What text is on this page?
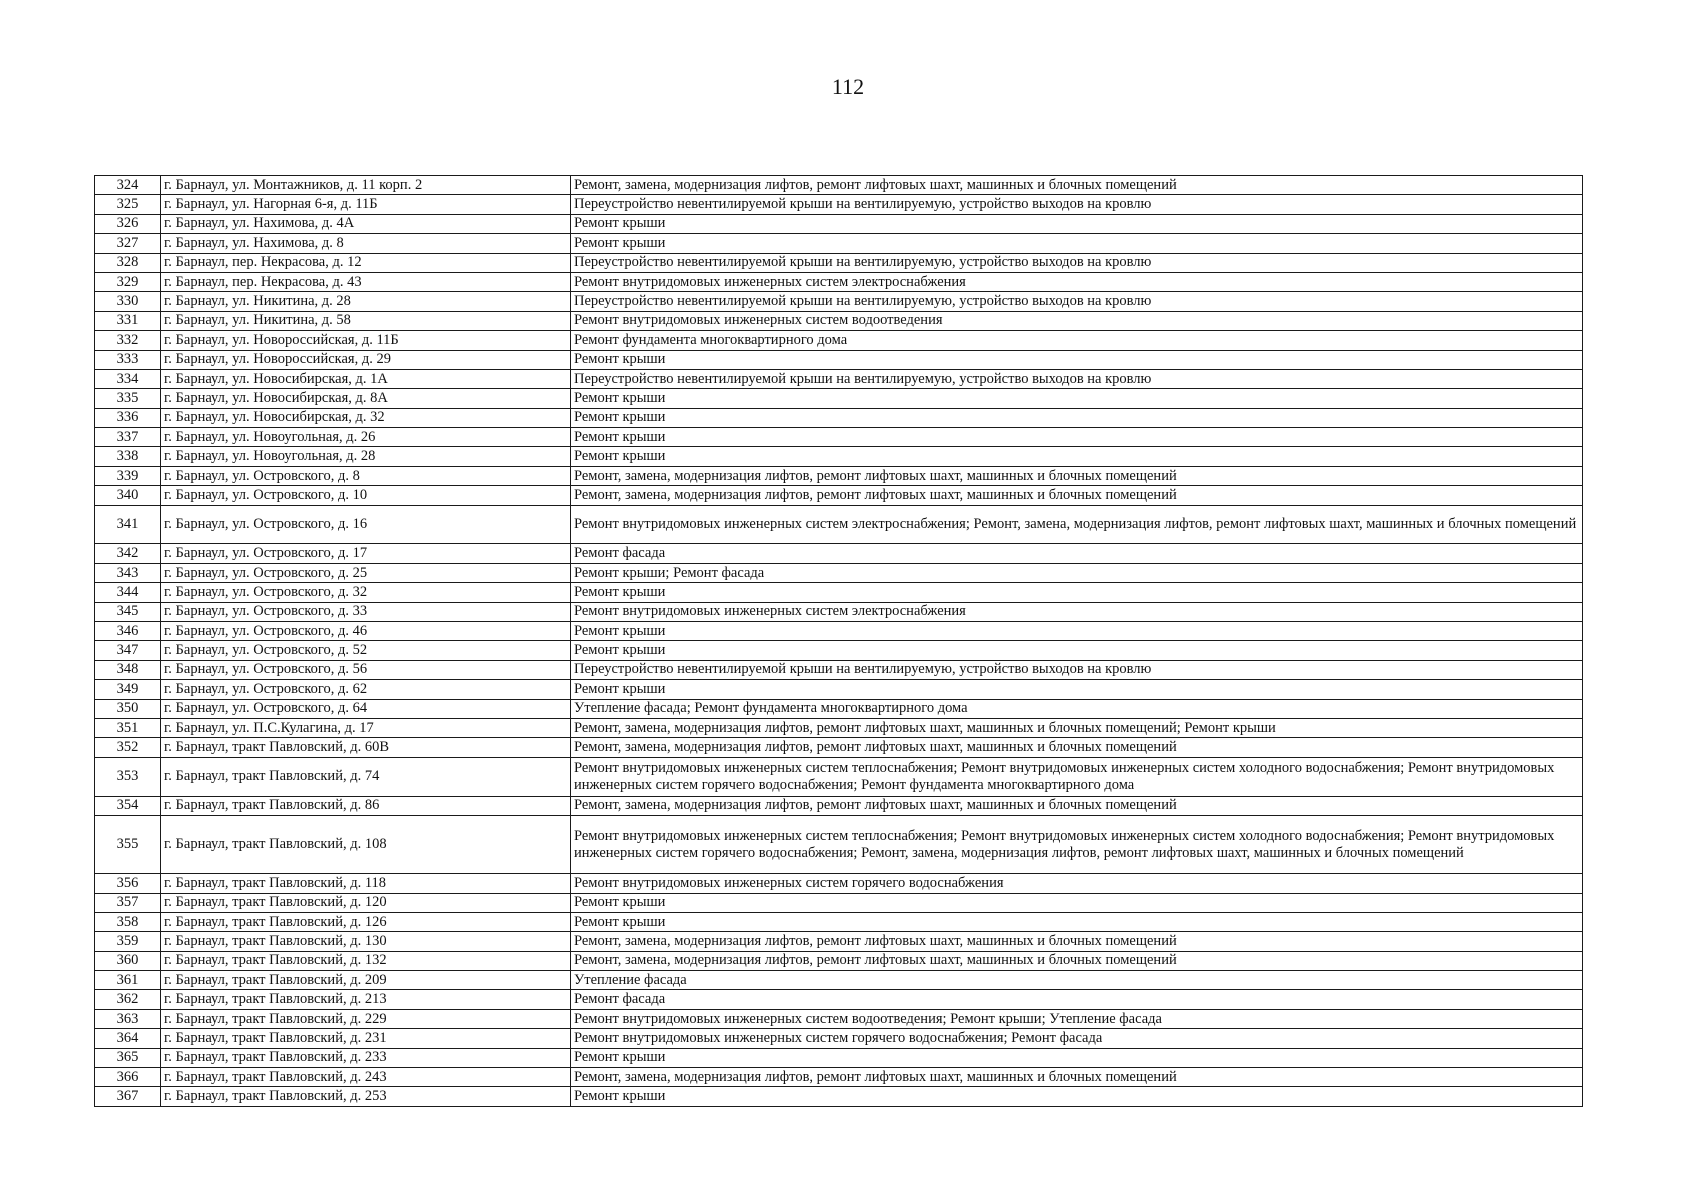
112
324	г. Барнаул, ул. Монтажников, д. 11 корп. 2	Ремонт, замена, модернизация лифтов, ремонт лифтовых шахт, машинных и блочных помещений
325	г. Барнаул, ул. Нагорная 6-я, д. 11Б	Переустройство невентилируемой крыши на вентилируемую, устройство выходов на кровлю
326	г. Барнаул, ул. Нахимова, д. 4А	Ремонт крыши
327	г. Барнаул, ул. Нахимова, д. 8	Ремонт крыши
328	г. Барнаул, пер. Некрасова, д. 12	Переустройство невентилируемой крыши на вентилируемую, устройство выходов на кровлю
329	г. Барнаул, пер. Некрасова, д. 43	Ремонт внутридомовых инженерных систем электроснабжения
330	г. Барнаул, ул. Никитина, д. 28	Переустройство невентилируемой крыши на вентилируемую, устройство выходов на кровлю
331	г. Барнаул, ул. Никитина, д. 58	Ремонт внутридомовых инженерных систем водоотведения
332	г. Барнаул, ул. Новороссийская, д. 11Б	Ремонт фундамента многоквартирного дома
333	г. Барнаул, ул. Новороссийская, д. 29	Ремонт крыши
334	г. Барнаул, ул. Новосибирская, д. 1А	Переустройство невентилируемой крыши на вентилируемую, устройство выходов на кровлю
335	г. Барнаул, ул. Новосибирская, д. 8А	Ремонт крыши
336	г. Барнаул, ул. Новосибирская, д. 32	Ремонт крыши
337	г. Барнаул, ул. Новоугольная, д. 26	Ремонт крыши
338	г. Барнаул, ул. Новоугольная, д. 28	Ремонт крыши
339	г. Барнаул, ул. Островского, д. 8	Ремонт, замена, модернизация лифтов, ремонт лифтовых шахт, машинных и блочных помещений
340	г. Барнаул, ул. Островского, д. 10	Ремонт, замена, модернизация лифтов, ремонт лифтовых шахт, машинных и блочных помещений
341	г. Барнаул, ул. Островского, д. 16	Ремонт внутридомовых инженерных систем электроснабжения; Ремонт, замена, модернизация лифтов, ремонт лифтовых шахт, машинных и блочных помещений
342	г. Барнаул, ул. Островского, д. 17	Ремонт фасада
343	г. Барнаул, ул. Островского, д. 25	Ремонт крыши; Ремонт фасада
344	г. Барнаул, ул. Островского, д. 32	Ремонт крыши
345	г. Барнаул, ул. Островского, д. 33	Ремонт внутридомовых инженерных систем электроснабжения
346	г. Барнаул, ул. Островского, д. 46	Ремонт крыши
347	г. Барнаул, ул. Островского, д. 52	Ремонт крыши
348	г. Барнаул, ул. Островского, д. 56	Переустройство невентилируемой крыши на вентилируемую, устройство выходов на кровлю
349	г. Барнаул, ул. Островского, д. 62	Ремонт крыши
350	г. Барнаул, ул. Островского, д. 64	Утепление фасада; Ремонт фундамента многоквартирного дома
351	г. Барнаул, ул. П.С.Кулагина, д. 17	Ремонт, замена, модернизация лифтов, ремонт лифтовых шахт, машинных и блочных помещений; Ремонт крыши
352	г. Барнаул, тракт Павловский, д. 60В	Ремонт, замена, модернизация лифтов, ремонт лифтовых шахт, машинных и блочных помещений
353	г. Барнаул, тракт Павловский, д. 74	Ремонт внутридомовых инженерных систем теплоснабжения; Ремонт внутридомовых инженерных систем холодного водоснабжения; Ремонт внутридомовых инженерных систем горячего водоснабжения; Ремонт фундамента многоквартирного дома
354	г. Барнаул, тракт Павловский, д. 86	Ремонт, замена, модернизация лифтов, ремонт лифтовых шахт, машинных и блочных помещений
355	г. Барнаул, тракт Павловский, д. 108	Ремонт внутридомовых инженерных систем теплоснабжения; Ремонт внутридомовых инженерных систем холодного водоснабжения; Ремонт внутридомовых инженерных систем горячего водоснабжения; Ремонт, замена, модернизация лифтов, ремонт лифтовых шахт, машинных и блочных помещений
356	г. Барнаул, тракт Павловский, д. 118	Ремонт внутридомовых инженерных систем горячего водоснабжения
357	г. Барнаул, тракт Павловский, д. 120	Ремонт крыши
358	г. Барнаул, тракт Павловский, д. 126	Ремонт крыши
359	г. Барнаул, тракт Павловский, д. 130	Ремонт, замена, модернизация лифтов, ремонт лифтовых шахт, машинных и блочных помещений
360	г. Барнаул, тракт Павловский, д. 132	Ремонт, замена, модернизация лифтов, ремонт лифтовых шахт, машинных и блочных помещений
361	г. Барнаул, тракт Павловский, д. 209	Утепление фасада
362	г. Барнаул, тракт Павловский, д. 213	Ремонт фасада
363	г. Барнаул, тракт Павловский, д. 229	Ремонт внутридомовых инженерных систем водоотведения; Ремонт крыши; Утепление фасада
364	г. Барнаул, тракт Павловский, д. 231	Ремонт внутридомовых инженерных систем горячего водоснабжения; Ремонт фасада
365	г. Барнаул, тракт Павловский, д. 233	Ремонт крыши
366	г. Барнаул, тракт Павловский, д. 243	Ремонт, замена, модернизация лифтов, ремонт лифтовых шахт, машинных и блочных помещений
367	г. Барнаул, тракт Павловский, д. 253	Ремонт крыши
